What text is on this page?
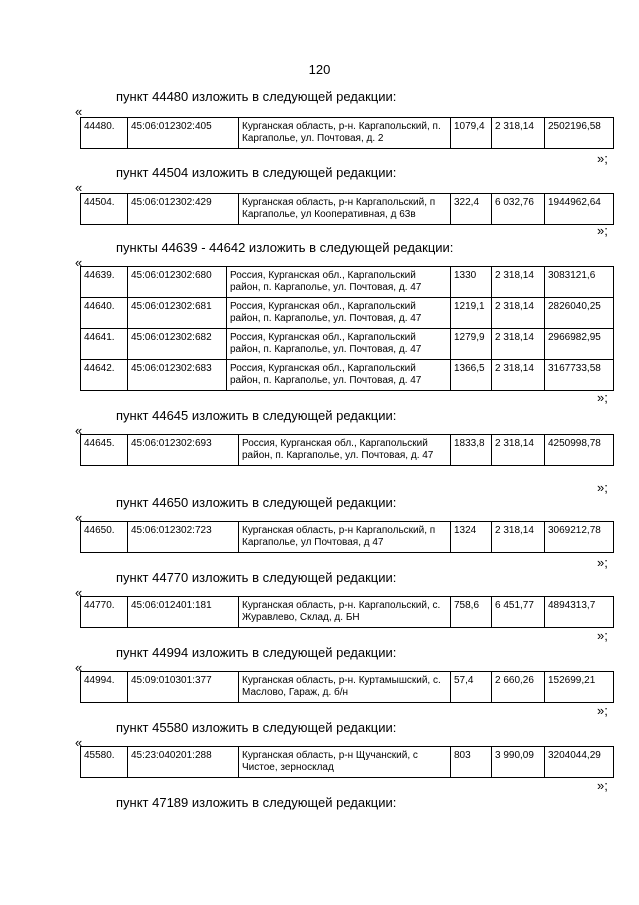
120
пункт 44480 изложить в следующей редакции:
«
44480.	45:06:012302:405	Курганская область, р-н. Каргапольский, п. Каргаполье, ул. Почтовая, д. 2	1079,4	2 318,14	2502196,58
»;
пункт 44504 изложить в следующей редакции:
«
44504.	45:06:012302:429	Курганская область, р-н Каргапольский, п Каргаполье, ул Кооперативная, д 63в	322,4	6 032,76	1944962,64
»;
пункты 44639 - 44642 изложить в следующей редакции:
«
44639.	45:06:012302:680	Россия, Курганская обл., Каргапольский район, п. Каргаполье, ул. Почтовая, д. 47	1330	2 318,14	3083121,6
44640.	45:06:012302:681	Россия, Курганская обл., Каргапольский район, п. Каргаполье, ул. Почтовая, д. 47	1219,1	2 318,14	2826040,25
44641.	45:06:012302:682	Россия, Курганская обл., Каргапольский район, п. Каргаполье, ул. Почтовая, д. 47	1279,9	2 318,14	2966982,95
44642.	45:06:012302:683	Россия, Курганская обл., Каргапольский район, п. Каргаполье, ул. Почтовая, д. 47	1366,5	2 318,14	3167733,58
»;
пункт 44645 изложить в следующей редакции:
«
44645.	45:06:012302:693	Россия, Курганская обл., Каргапольский район, п. Каргаполье, ул. Почтовая, д. 47	1833,8	2 318,14	4250998,78
»;
пункт 44650 изложить в следующей редакции:
«
44650.	45:06:012302:723	Курганская область, р-н Каргапольский, п Каргаполье, ул Почтовая, д 47	1324	2 318,14	3069212,78
»;
пункт 44770 изложить в следующей редакции:
«
44770.	45:06:012401:181	Курганская область, р-н. Каргапольский, с. Журавлево, Склад, д. БН	758,6	6 451,77	4894313,7
»;
пункт 44994 изложить в следующей редакции:
«
44994.	45:09:010301:377	Курганская область, р-н. Куртамышский, с. Маслово, Гараж, д. б/н	57,4	2 660,26	152699,21
»;
пункт 45580 изложить в следующей редакции:
«
45580.	45:23:040201:288	Курганская область, р-н Щучанский, с Чистое, зерносклад	803	3 990,09	3204044,29
»;
пункт 47189 изложить в следующей редакции:
